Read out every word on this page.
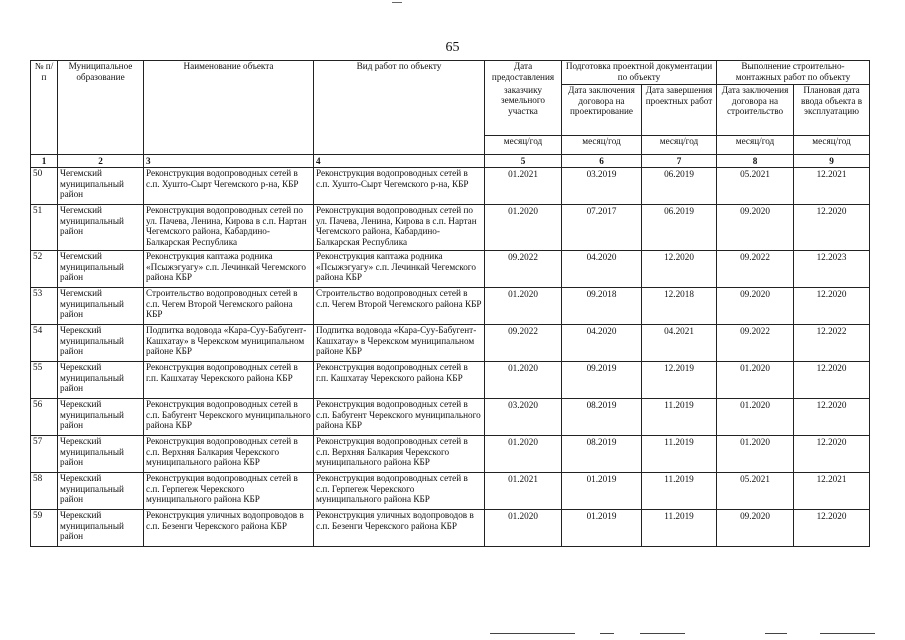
65
№ п/п	Муниципальное образование	Наименование объекта	Вид работ по объекту	Дата предоставления	Подготовка проектной документации по объекту		Выполнение строительно-монтажных работ по объекту	
				заказчику земельного участка	Дата заключения договора на проектирование	Дата завершения проектных работ	Дата заключения договора на строительство	Плановая дата ввода объекта в эксплуатацию
				месяц/год	месяц/год	месяц/год	месяц/год	месяц/год
1	2	3	4	5	6	7	8	9
50	Чегемский муниципальный район	Реконструкция водопроводных сетей в с.п. Хушто-Сырт Чегемского р-на, КБР	Реконструкция водопроводных сетей в с.п. Хушто-Сырт Чегемского р-на, КБР	01.2021	03.2019	06.2019	05.2021	12.2021
51	Чегемский муниципальный район	Реконструкция водопроводных сетей по ул. Пачева, Ленина, Кирова в с.п. Нартан Чегемского района, Кабардино-Балкарская Республика	Реконструкция водопроводных сетей по ул. Пачева, Ленина, Кирова в с.п. Нартан Чегемского района, Кабардино-Балкарская Республика	01.2020	07.2017	06.2019	09.2020	12.2020
52	Чегемский муниципальный район	Реконструкция каптажа родника «Псыжэгуагу» с.п. Лечинкай Чегемского района КБР	Реконструкция каптажа родника «Псыжэгуагу» с.п. Лечинкай Чегемского района КБР	09.2022	04.2020	12.2020	09.2022	12.2023
53	Чегемский муниципальный район	Строительство водопроводных сетей в с.п. Чегем Второй Чегемского района КБР	Строительство водопроводных сетей в с.п. Чегем Второй Чегемского района КБР	01.2020	09.2018	12.2018	09.2020	12.2020
54	Черекский муниципальный район	Подпитка водовода «Кара-Суу-Бабугент-Кашхатау» в Черекском муниципальном районе КБР	Подпитка водовода «Кара-Суу-Бабугент-Кашхатау» в Черекском муниципальном районе КБР	09.2022	04.2020	04.2021	09.2022	12.2022
55	Черекский муниципальный район	Реконструкция водопроводных сетей в г.п. Кашхатау Черекского района КБР	Реконструкция водопроводных сетей в г.п. Кашхатау Черекского района КБР	01.2020	09.2019	12.2019	01.2020	12.2020
56	Черекский муниципальный район	Реконструкция водопроводных сетей в с.п. Бабугент Черекского муниципального района КБР	Реконструкция водопроводных сетей в с.п. Бабугент Черекского муниципального района КБР	03.2020	08.2019	11.2019	01.2020	12.2020
57	Черекский муниципальный район	Реконструкция водопроводных сетей в с.п. Верхняя Балкария Черекского муниципального района КБР	Реконструкция водопроводных сетей в с.п. Верхняя Балкария Черекского муниципального района КБР	01.2020	08.2019	11.2019	01.2020	12.2020
58	Черекский муниципальный район	Реконструкция водопроводных сетей в с.п. Герпегеж Черекского муниципального района КБР	Реконструкция водопроводных сетей в с.п. Герпегеж Черекского муниципального района КБР	01.2021	01.2019	11.2019	05.2021	12.2021
59	Черекский муниципальный район	Реконструкция уличных водопроводов в с.п. Безенги Черекского района КБР	Реконструкция уличных водопроводов в с.п. Безенги Черекского района КБР	01.2020	01.2019	11.2019	09.2020	12.2020
